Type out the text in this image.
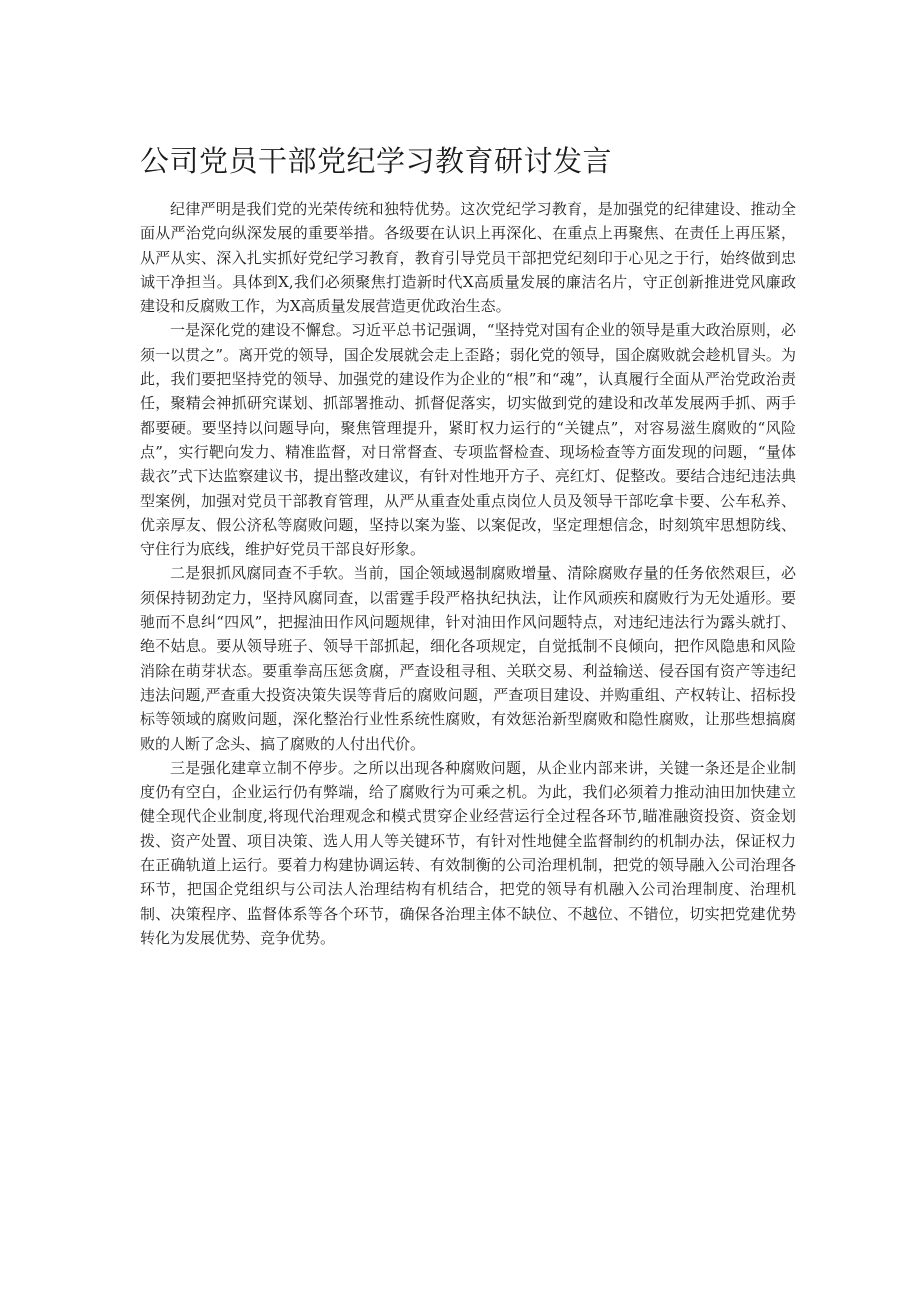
公司党员干部党纪学习教育研讨发言

纪律严明是我们党的光荣传统和独特优势。这次党纪学习教育，是加强党的纪律建设、推动全面从严治党向纵深发展的重要举措。各级要在认识上再深化、在重点上再聚焦、在责任上再压紧，从严从实、深入扎实抓好党纪学习教育，教育引导党员干部把党纪刻印于心见之于行，始终做到忠诚干净担当。具体到X,我们必须聚焦打造新时代X高质量发展的廉洁名片，守正创新推进党风廉政建设和反腐败工作，为X高质量发展营造更优政治生态。

一是深化党的建设不懈怠。习近平总书记强调，“坚持党对国有企业的领导是重大政治原则，必须一以贯之”。离开党的领导，国企发展就会走上歪路；弱化党的领导，国企腐败就会趁机冒头。为此，我们要把坚持党的领导、加强党的建设作为企业的“根”和“魂”，认真履行全面从严治党政治责任，聚精会神抓研究谋划、抓部署推动、抓督促落实，切实做到党的建设和改革发展两手抓、两手都要硬。要坚持以问题导向，聚焦管理提升，紧盯权力运行的“关键点”，对容易滋生腐败的“风险点”，实行靶向发力、精准监督，对日常督查、专项监督检查、现场检查等方面发现的问题，“量体裁衣”式下达监察建议书，提出整改建议，有针对性地开方子、亮红灯、促整改。要结合违纪违法典型案例，加强对党员干部教育管理，从严从重查处重点岗位人员及领导干部吃拿卡要、公车私养、优亲厚友、假公济私等腐败问题，坚持以案为鉴、以案促改，坚定理想信念，时刻筑牢思想防线、守住行为底线，维护好党员干部良好形象。

二是狠抓风腐同查不手软。当前，国企领域遏制腐败增量、清除腐败存量的任务依然艰巨，必须保持韧劲定力，坚持风腐同查，以雷霆手段严格执纪执法，让作风顽疾和腐败行为无处遁形。要驰而不息纠“四风”，把握油田作风问题规律，针对油田作风问题特点，对违纪违法行为露头就打、绝不姑息。要从领导班子、领导干部抓起，细化各项规定，自觉抵制不良倾向，把作风隐患和风险消除在萌芽状态。要重拳高压惩贪腐，严查设租寻租、关联交易、利益输送、侵吞国有资产等违纪违法问题,严查重大投资决策失误等背后的腐败问题，严查项目建设、并购重组、产权转让、招标投标等领域的腐败问题，深化整治行业性系统性腐败，有效惩治新型腐败和隐性腐败，让那些想搞腐败的人断了念头、搞了腐败的人付出代价。

三是强化建章立制不停步。之所以出现各种腐败问题，从企业内部来讲，关键一条还是企业制度仍有空白，企业运行仍有弊端，给了腐败行为可乘之机。为此，我们必须着力推动油田加快建立健全现代企业制度,将现代治理观念和模式贯穿企业经营运行全过程各环节,瞄准融资投资、资金划拨、资产处置、项目决策、选人用人等关键环节，有针对性地健全监督制约的机制办法，保证权力在正确轨道上运行。要着力构建协调运转、有效制衡的公司治理机制，把党的领导融入公司治理各环节，把国企党组织与公司法人治理结构有机结合，把党的领导有机融入公司治理制度、治理机制、决策程序、监督体系等各个环节，确保各治理主体不缺位、不越位、不错位，切实把党建优势转化为发展优势、竞争优势。
